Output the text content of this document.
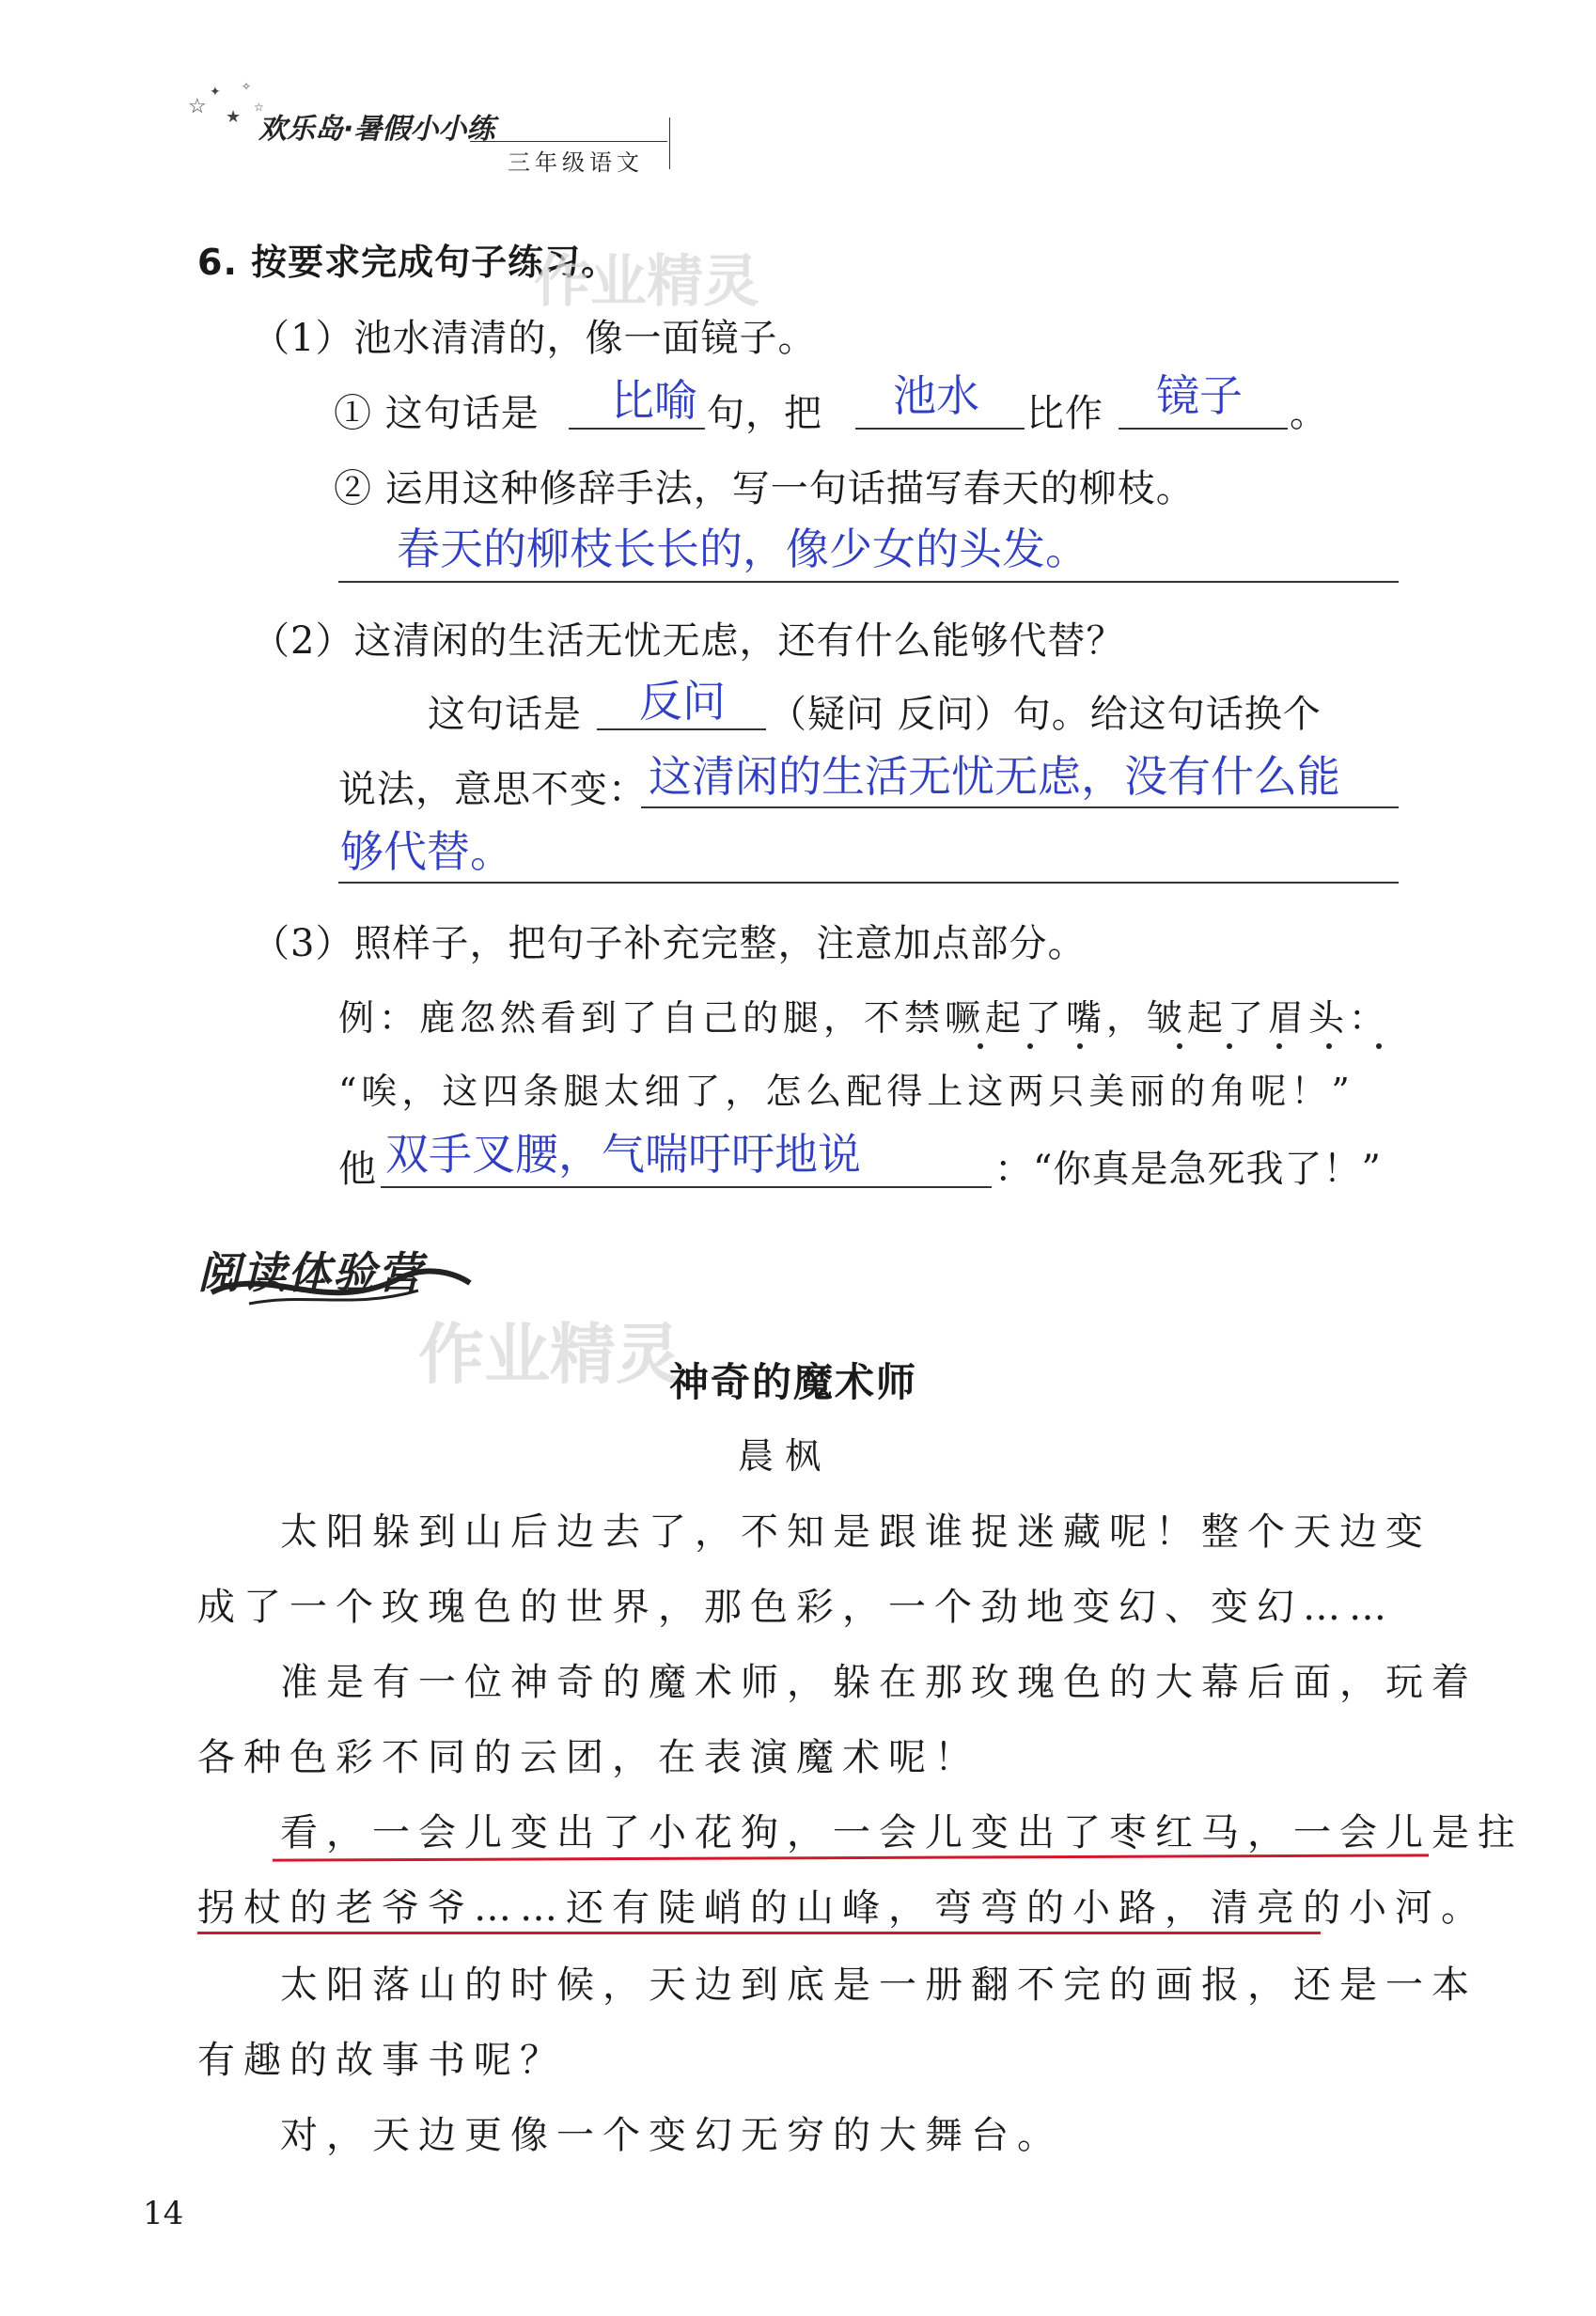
☆
✦
★
✧
☆
欢乐岛·暑假小小练
三年级语文
6. 按要求完成句子练习。
作业精灵
（1）池水清清的，像一面镜子。
① 这句话是 比喻 句，把 池水 比作 镜子 。
② 运用这种修辞手法，写一句话描写春天的柳枝。
春天的柳枝长长的，像少女的头发。
（2）这清闲的生活无忧无虑，还有什么能够代替？
这句话是 反问 （疑问 反问）句。给这句话换个
说法，意思不变： 这清闲的生活无忧无虑，没有什么能
够代替。
（3）照样子，把句子补充完整，注意加点部分。
例：鹿忽然看到了自己的腿，不禁噘起了嘴，皱起了眉头：
“唉，这四条腿太细了，怎么配得上这两只美丽的角呢！”
他 双手叉腰，气喘吁吁地说	：“你真是急死我了！”
阅读体验营
作业精灵
神奇的魔术师
晨 枫
太阳躲到山后边去了，不知是跟谁捉迷藏呢！整个天边变
成了一个玫瑰色的世界，那色彩，一个劲地变幻、变幻……
准是有一位神奇的魔术师，躲在那玫瑰色的大幕后面，玩着
各种色彩不同的云团，在表演魔术呢！
看，一会儿变出了小花狗，一会儿变出了枣红马，一会儿是拄
拐杖的老爷爷……还有陡峭的山峰，弯弯的小路，清亮的小河。
太阳落山的时候，天边到底是一册翻不完的画报，还是一本
有趣的故事书呢？
对，天边更像一个变幻无穷的大舞台。
14
